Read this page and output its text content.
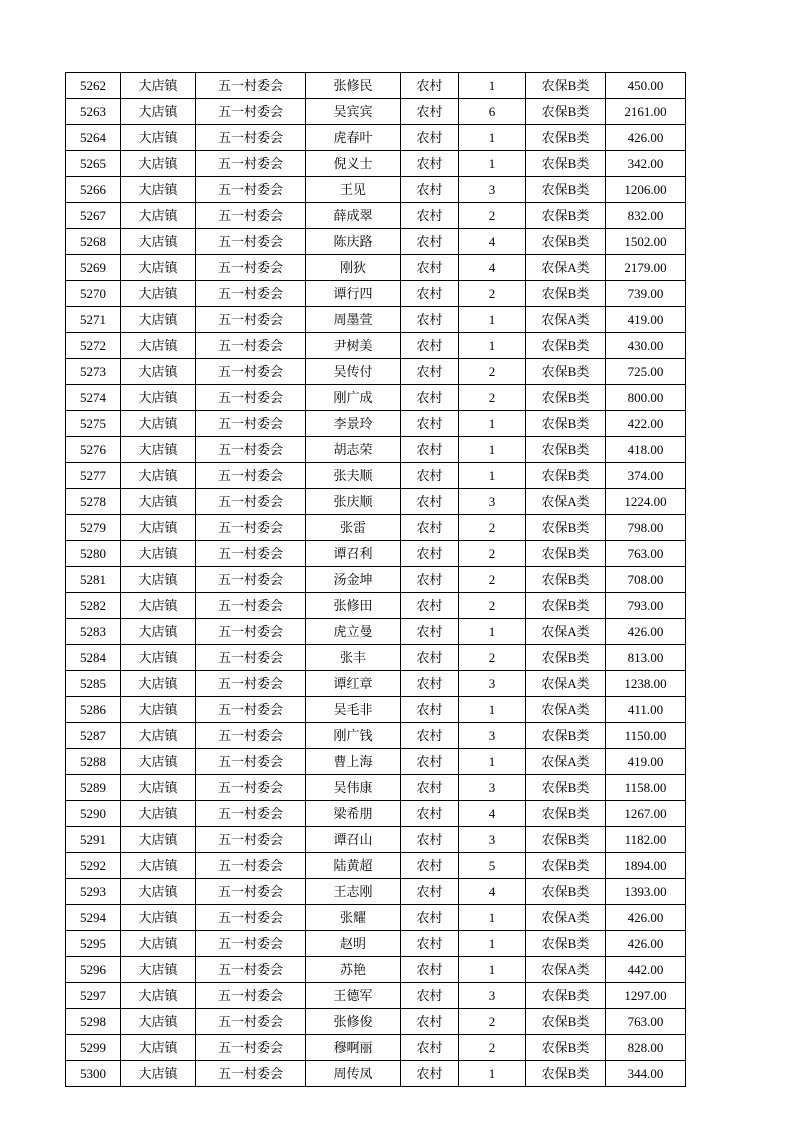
5262	大店镇	五一村委会	张修民	农村	1	农保B类	450.00
5263	大店镇	五一村委会	吴宾宾	农村	6	农保B类	2161.00
5264	大店镇	五一村委会	虎春叶	农村	1	农保B类	426.00
5265	大店镇	五一村委会	倪义士	农村	1	农保B类	342.00
5266	大店镇	五一村委会	王见	农村	3	农保B类	1206.00
5267	大店镇	五一村委会	薛成翠	农村	2	农保B类	832.00
5268	大店镇	五一村委会	陈庆路	农村	4	农保B类	1502.00
5269	大店镇	五一村委会	刚狄	农村	4	农保A类	2179.00
5270	大店镇	五一村委会	谭行四	农村	2	农保B类	739.00
5271	大店镇	五一村委会	周墨萱	农村	1	农保A类	419.00
5272	大店镇	五一村委会	尹树美	农村	1	农保B类	430.00
5273	大店镇	五一村委会	吴传付	农村	2	农保B类	725.00
5274	大店镇	五一村委会	刚广成	农村	2	农保B类	800.00
5275	大店镇	五一村委会	李景玲	农村	1	农保B类	422.00
5276	大店镇	五一村委会	胡志荣	农村	1	农保B类	418.00
5277	大店镇	五一村委会	张夫顺	农村	1	农保B类	374.00
5278	大店镇	五一村委会	张庆顺	农村	3	农保A类	1224.00
5279	大店镇	五一村委会	张雷	农村	2	农保B类	798.00
5280	大店镇	五一村委会	谭召利	农村	2	农保B类	763.00
5281	大店镇	五一村委会	汤金坤	农村	2	农保B类	708.00
5282	大店镇	五一村委会	张修田	农村	2	农保B类	793.00
5283	大店镇	五一村委会	虎立曼	农村	1	农保A类	426.00
5284	大店镇	五一村委会	张丰	农村	2	农保B类	813.00
5285	大店镇	五一村委会	谭红章	农村	3	农保A类	1238.00
5286	大店镇	五一村委会	吴毛非	农村	1	农保A类	411.00
5287	大店镇	五一村委会	刚广钱	农村	3	农保B类	1150.00
5288	大店镇	五一村委会	曹上海	农村	1	农保A类	419.00
5289	大店镇	五一村委会	吴伟康	农村	3	农保B类	1158.00
5290	大店镇	五一村委会	梁希朋	农村	4	农保B类	1267.00
5291	大店镇	五一村委会	谭召山	农村	3	农保B类	1182.00
5292	大店镇	五一村委会	陆黄超	农村	5	农保B类	1894.00
5293	大店镇	五一村委会	王志刚	农村	4	农保B类	1393.00
5294	大店镇	五一村委会	张耀	农村	1	农保A类	426.00
5295	大店镇	五一村委会	赵明	农村	1	农保B类	426.00
5296	大店镇	五一村委会	苏艳	农村	1	农保A类	442.00
5297	大店镇	五一村委会	王德军	农村	3	农保B类	1297.00
5298	大店镇	五一村委会	张修俊	农村	2	农保B类	763.00
5299	大店镇	五一村委会	穆啊丽	农村	2	农保B类	828.00
5300	大店镇	五一村委会	周传凤	农村	1	农保B类	344.00
